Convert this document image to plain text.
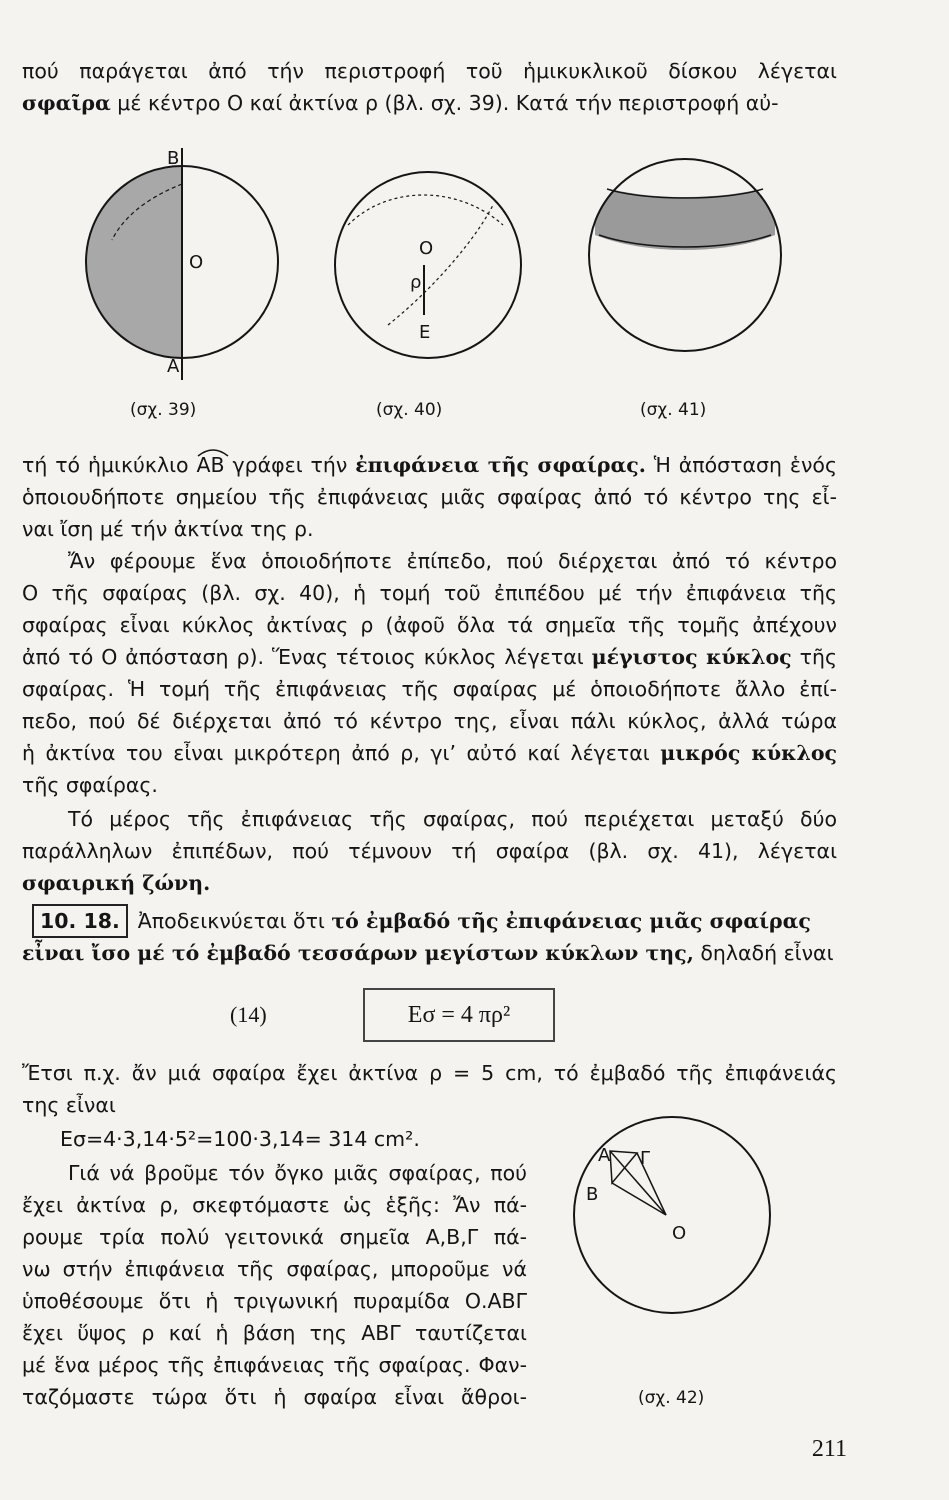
πού παράγεται ἀπό τήν περιστροφή τοῦ ἡμικυκλικοῦ δίσκου λέγεται
σφαῖρα μέ κέντρο Ο καί ἀκτίνα ρ (βλ. σχ. 39). Κατά τήν περιστροφή αὐ-
B
O
A
(σχ. 39)
O
ρ
E
(σχ. 40)	(σχ. 41)
τή τό ἡμικύκλιο ΑΒ
γράφει τήν ἐπιφάνεια τῆς σφαίρας. Ἡ ἀπόσταση ἑνός
ὁποιουδήποτε σημείου τῆς ἐπιφάνειας μιᾶς σφαίρας ἀπό τό κέντρο της εἶ-
ναι ἴση μέ τήν ἀκτίνα της ρ.
Ἄν φέρουμε ἕνα ὁποιοδήποτε ἐπίπεδο, πού διέρχεται ἀπό τό κέντρο
Ο τῆς σφαίρας (βλ. σχ. 40), ἡ τομή τοῦ ἐπιπέδου μέ τήν ἐπιφάνεια τῆς
σφαίρας εἶναι κύκλος ἀκτίνας ρ (ἀφοῦ ὅλα τά σημεῖα τῆς τομῆς ἀπέχουν
ἀπό τό Ο ἀπόσταση ρ). Ἕνας τέτοιος κύκλος λέγεται μέγιστος κύκλος τῆς
σφαίρας. Ἡ τομή τῆς ἐπιφάνειας τῆς σφαίρας μέ ὁποιοδήποτε ἄλλο ἐπί-
πεδο, πού δέ διέρχεται ἀπό τό κέντρο της, εἶναι πάλι κύκλος, ἀλλά τώρα
ἡ ἀκτίνα του εἶναι μικρότερη ἀπό ρ, γι’ αὐτό καί λέγεται μικρός κύκλος
τῆς σφαίρας.
Τό μέρος τῆς ἐπιφάνειας τῆς σφαίρας, πού περιέχεται μεταξύ δύο
παράλληλων ἐπιπέδων, πού τέμνουν τή σφαίρα (βλ. σχ. 41), λέγεται
σφαιρική ζώνη.
10. 18. Ἀποδεικνύεται ὅτι τό ἐμβαδό τῆς ἐπιφάνειας μιᾶς σφαίρας
εἶναι ἴσο μέ τό ἐμβαδό τεσσάρων μεγίστων κύκλων της, δηλαδή εἶναι
(14)	Eσ = 4 πρ²
Ἔτσι π.χ. ἄν μιά σφαίρα ἔχει ἀκτίνα ρ = 5 cm, τό ἐμβαδό τῆς ἐπιφάνειάς
της εἶναι
Eσ=4·3,14·5²=100·3,14= 314 cm².
Γιά νά βροῦμε τόν ὄγκο μιᾶς σφαίρας, πού
ἔχει ἀκτίνα ρ, σκεφτόμαστε ὡς ἑξῆς: Ἄν πά-
ρουμε τρία πολύ γειτονικά σημεῖα Α,Β,Γ πά-
νω στήν ἐπιφάνεια τῆς σφαίρας, μποροῦμε νά
ὑποθέσουμε ὅτι ἡ τριγωνική πυραμίδα Ο.ΑΒΓ
ἔχει ὕψος ρ καί ἡ βάση της ΑΒΓ ταυτίζεται
μέ ἕνα μέρος τῆς ἐπιφάνειας τῆς σφαίρας. Φαν-
ταζόμαστε τώρα ὅτι ἡ σφαίρα εἶναι ἄθροι-
Α Γ
Β
Ο
(σχ. 42)
211
